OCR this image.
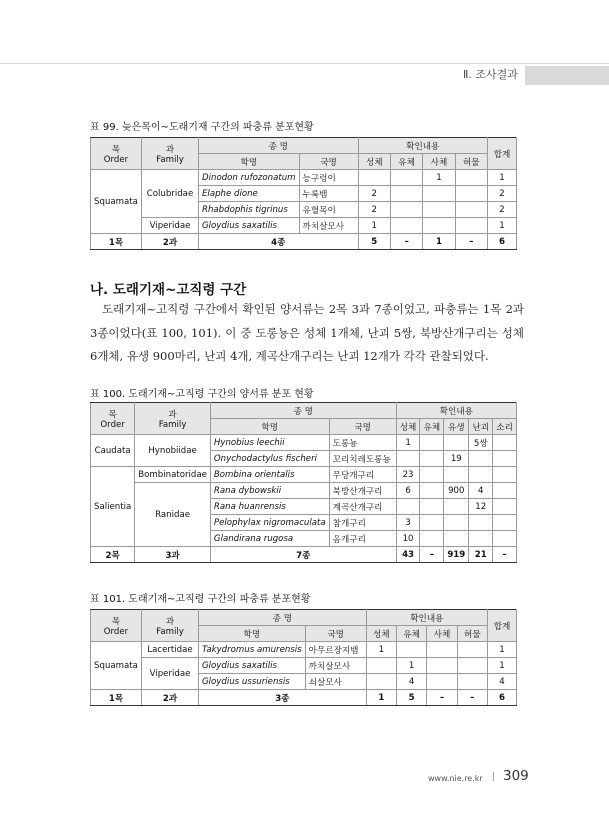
Ⅱ. 조사결과
표 99. 늦은목이~도래기재 구간의 파충류 분포현황
목
Order	과
Family	종 명		확인내용				합계
		학명	국명	성체	유체	사체	허물	
Squamata	Colubridae	Dinodon rufozonatum	능구렁이			1		1
		Elaphe dione	누룩뱀	2				2
		Rhabdophis tigrinus	유혈목이	2				2
	Viperidae	Gloydius saxatilis	까치살모사	1				1
1목	2과	4종		5	–	1	–	6
나. 도래기재~고직령 구간

도래기재~고직령 구간에서 확인된 양서류는 2목 3과 7종이었고, 파충류는 1목 2과 3종이었다(표 100, 101). 이 중 도롱뇽은 성체 1개체, 난괴 5쌍, 북방산개구리는 성체 6개체, 유생 900마리, 난괴 4개, 계곡산개구리는 난괴 12개가 각각 관찰되었다.

표 100. 도래기재~고직령 구간의 양서류 분포 현황
목
Order	과
Family	종 명		확인내용				
		학명	국명	성체	유체	유생	난괴	소리
Caudata	Hynobiidae	Hynobius leechii	도롱뇽	1			5쌍	
		Onychodactylus fischeri	꼬리치레도롱뇽			19		
Salientia	Bombinatoridae	Bombina orientalis	무당개구리	23				
	Ranidae	Rana dybowskii	북방산개구리	6		900	4	
		Rana huanrensis	계곡산개구리				12	
		Pelophylax nigromaculata	참개구리	3				
		Glandirana rugosa	옴개구리	10				
2목	3과	7종		43	–	919	21	–
표 101. 도래기재~고직령 구간의 파충류 분포현황
목
Order	과
Family	종 명		확인내용				합계
		학명	국명	성체	유체	사체	허물	
Squamata	Lacertidae	Takydromus amurensis	아무르장지뱀	1				1
	Viperidae	Gloydius saxatilis	까치살모사		1			1
		Gloydius ussuriensis	쇠살모사		4			4
1목	2과	3종		1	5	–	–	6
www.nie.re.kr | 309
